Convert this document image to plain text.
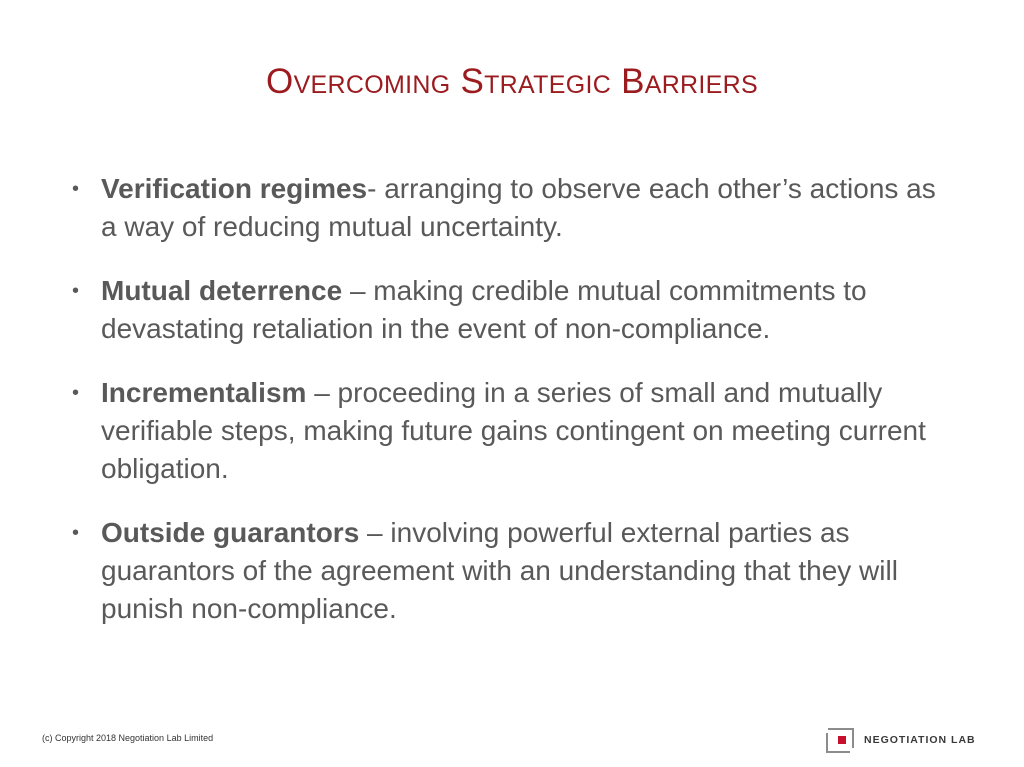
Overcoming Strategic Barriers
• Verification regimes- arranging to observe each other’s actions as a way of reducing mutual uncertainty.
• Mutual deterrence – making credible mutual commitments to devastating retaliation in the event of non-compliance.
• Incrementalism – proceeding in a series of small and mutually verifiable steps, making future gains contingent on meeting current obligation.
• Outside guarantors – involving powerful external parties as guarantors of the agreement with an understanding that they will punish non-compliance.
(c) Copyright 2018 Negotiation Lab Limited	NEGOTIATION LAB
